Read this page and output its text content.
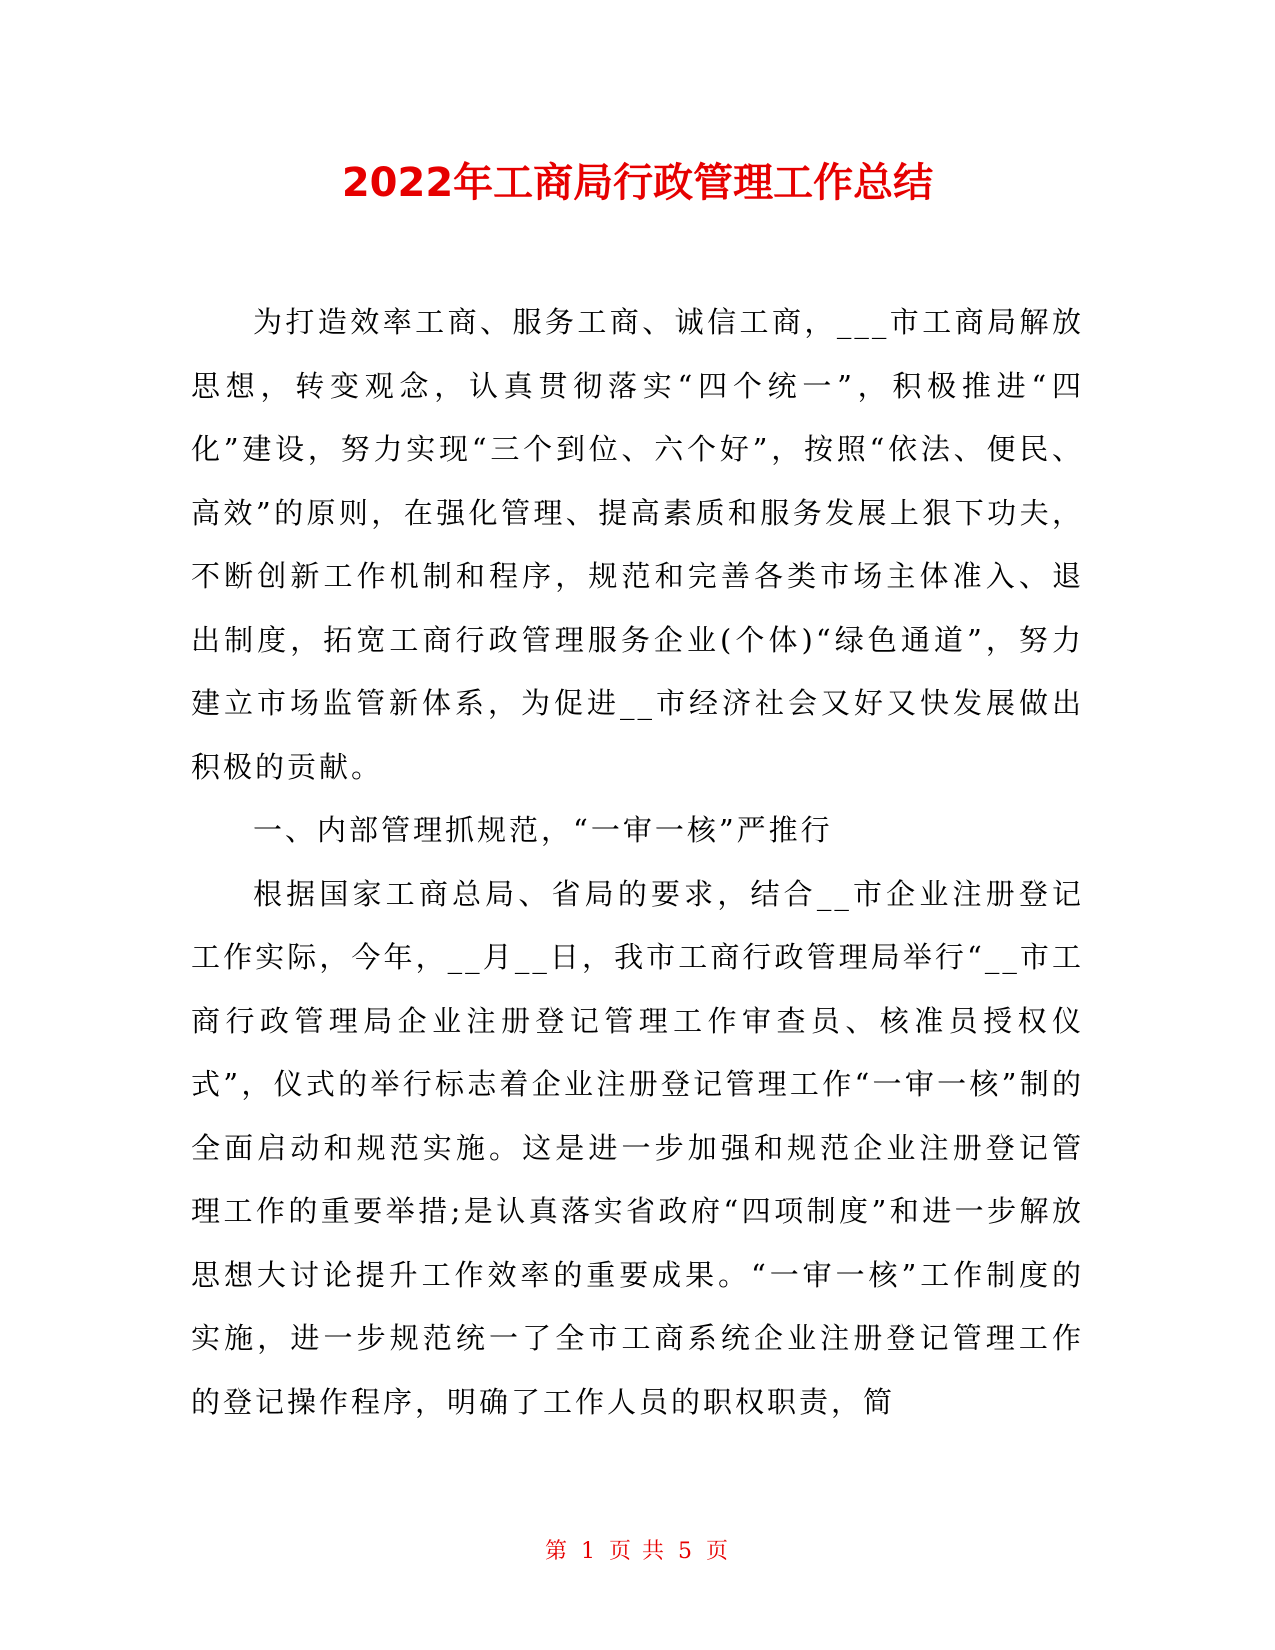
2022年工商局行政管理工作总结

为打造效率工商、服务工商、诚信工商，___市工商局解放思想，转变观念，认真贯彻落实“四个统一”，积极推进“四化”建设，努力实现“三个到位、六个好”，按照“依法、便民、高效”的原则，在强化管理、提高素质和服务发展上狠下功夫，不断创新工作机制和程序，规范和完善各类市场主体准入、退出制度，拓宽工商行政管理服务企业(个体)“绿色通道”，努力建立市场监管新体系，为促进__市经济社会又好又快发展做出积极的贡献。

一、内部管理抓规范，“一审一核”严推行

根据国家工商总局、省局的要求，结合__市企业注册登记工作实际，今年，__月__日，我市工商行政管理局举行“__市工商行政管理局企业注册登记管理工作审查员、核准员授权仪式”，仪式的举行标志着企业注册登记管理工作“一审一核”制的全面启动和规范实施。这是进一步加强和规范企业注册登记管理工作的重要举措;是认真落实省政府“四项制度”和进一步解放思想大讨论提升工作效率的重要成果。“一审一核”工作制度的实施，进一步规范统一了全市工商系统企业注册登记管理工作的登记操作程序，明确了工作人员的职权职责，简

第 1 页 共 5 页
